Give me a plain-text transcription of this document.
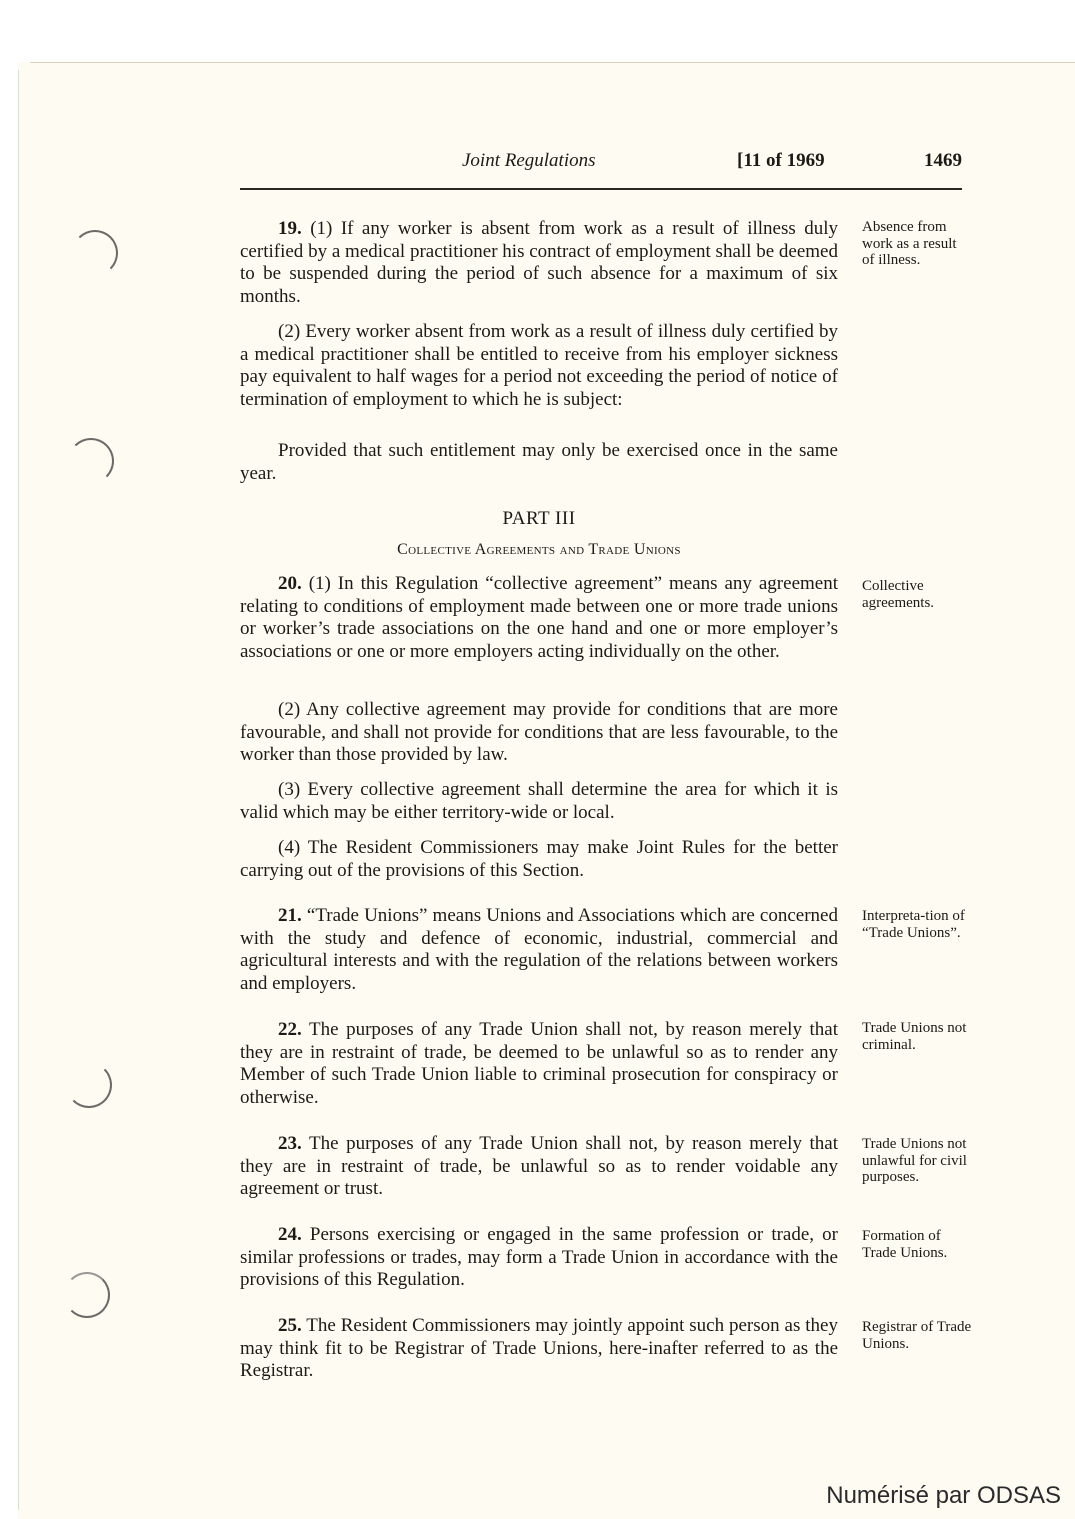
Joint Regulations	[11 of 1969	1469

19. (1) If any worker is absent from work as a result of illness duly certified by a medical practitioner his contract of employment shall be deemed to be suspended during the period of such absence for a maximum of six months.

Absence from work as a result of illness.

(2) Every worker absent from work as a result of illness duly certified by a medical practitioner shall be entitled to receive from his employer sickness pay equivalent to half wages for a period not exceeding the period of notice of termination of employment to which he is subject:

Provided that such entitlement may only be exercised once in the same year.

PART III
Collective Agreements and Trade Unions

20. (1) In this Regulation “collective agreement” means any agreement relating to conditions of employment made between one or more trade unions or worker’s trade associations on the one hand and one or more employer’s associations or one or more employers acting individually on the other.

Collective agreements.

(2) Any collective agreement may provide for conditions that are more favourable, and shall not provide for conditions that are less favourable, to the worker than those provided by law.

(3) Every collective agreement shall determine the area for which it is valid which may be either territory-wide or local.

(4) The Resident Commissioners may make Joint Rules for the better carrying out of the provisions of this Section.

21. “Trade Unions” means Unions and Associations which are concerned with the study and defence of economic, industrial, commercial and agricultural interests and with the regulation of the relations between workers and employers.

Interpreta-tion of “Trade Unions”.

22. The purposes of any Trade Union shall not, by reason merely that they are in restraint of trade, be deemed to be unlawful so as to render any Member of such Trade Union liable to criminal prosecution for conspiracy or otherwise.

Trade Unions not criminal.

23. The purposes of any Trade Union shall not, by reason merely that they are in restraint of trade, be unlawful so as to render voidable any agreement or trust.

Trade Unions not unlawful for civil purposes.

24. Persons exercising or engaged in the same profession or trade, or similar professions or trades, may form a Trade Union in accordance with the provisions of this Regulation.

Formation of Trade Unions.

25. The Resident Commissioners may jointly appoint such person as they may think fit to be Registrar of Trade Unions, here-inafter referred to as the Registrar.

Registrar of Trade Unions.
Numérisé par ODSAS
